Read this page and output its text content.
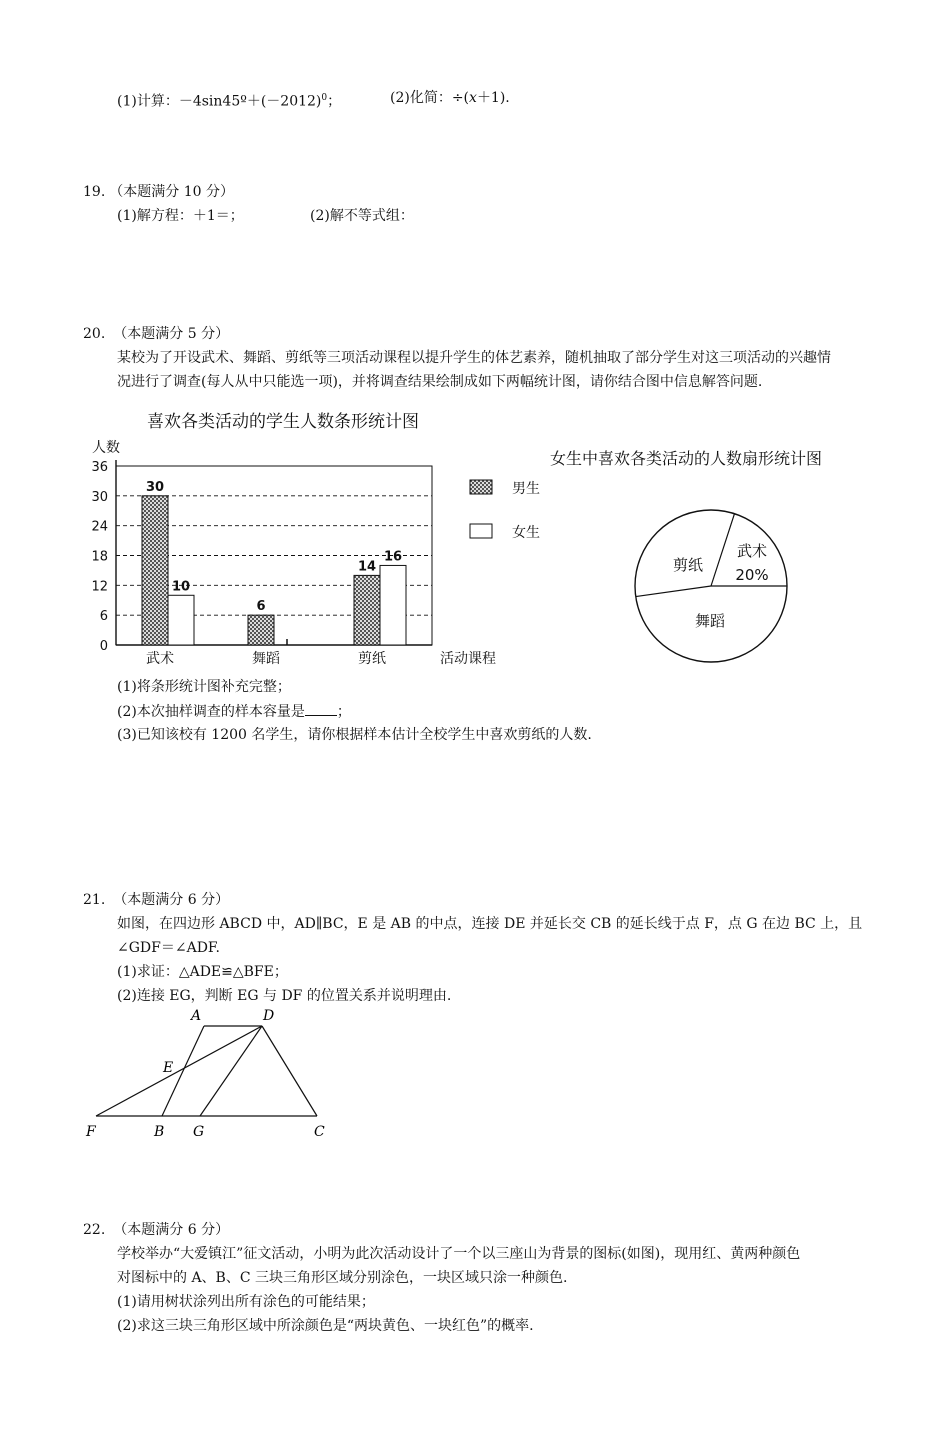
(1)计算：$-4\sin 45º+(-2012)^0$；	(2)化简：÷(x＋1).
19. （本题满分 10 分）
(1)解方程：＋1＝；	(2)解不等式组：
20. （本题满分 5 分）
某校为了开设武术、舞蹈、剪纸等三项活动课程以提升学生的体艺素养，随机抽取了部分学生对这三项活动的兴趣情
况进行了调查(每人从中只能选一项)，并将调查结果绘制成如下两幅统计图，请你结合图中信息解答问题.
喜欢各类活动的学生人数条形统计图
人数
0
6
12
18
24
30
36
30
10
6
14
16
武术	舞蹈	剪纸	活动课程
男生
女生
女生中喜欢各类活动的人数扇形统计图
武术
20%
剪纸
舞蹈
(1)将条形统计图补充完整；
(2)本次抽样调查的样本容量是 ；
(3)已知该校有 1200 名学生，请你根据样本估计全校学生中喜欢剪纸的人数.
21. （本题满分 6 分）
如图，在四边形 ABCD 中，AD∥BC，E 是 AB 的中点，连接 DE 并延长交 CB 的延长线于点 F，点 G 在边 BC 上，且
∠GDF＝∠ADF.
(1)求证：△ADE≌△BFE；
(2)连接 EG，判断 EG 与 DF 的位置关系并说明理由.
A	D
E
F	B G	C
22. （本题满分 6 分）
学校举办“大爱镇江”征文活动，小明为此次活动设计了一个以三座山为背景的图标(如图)，现用红、黄两种颜色
对图标中的 A、B、C 三块三角形区域分别涂色，一块区域只涂一种颜色.
(1)请用树状涂列出所有涂色的可能结果；
(2)求这三块三角形区域中所涂颜色是“两块黄色、一块红色”的概率.
